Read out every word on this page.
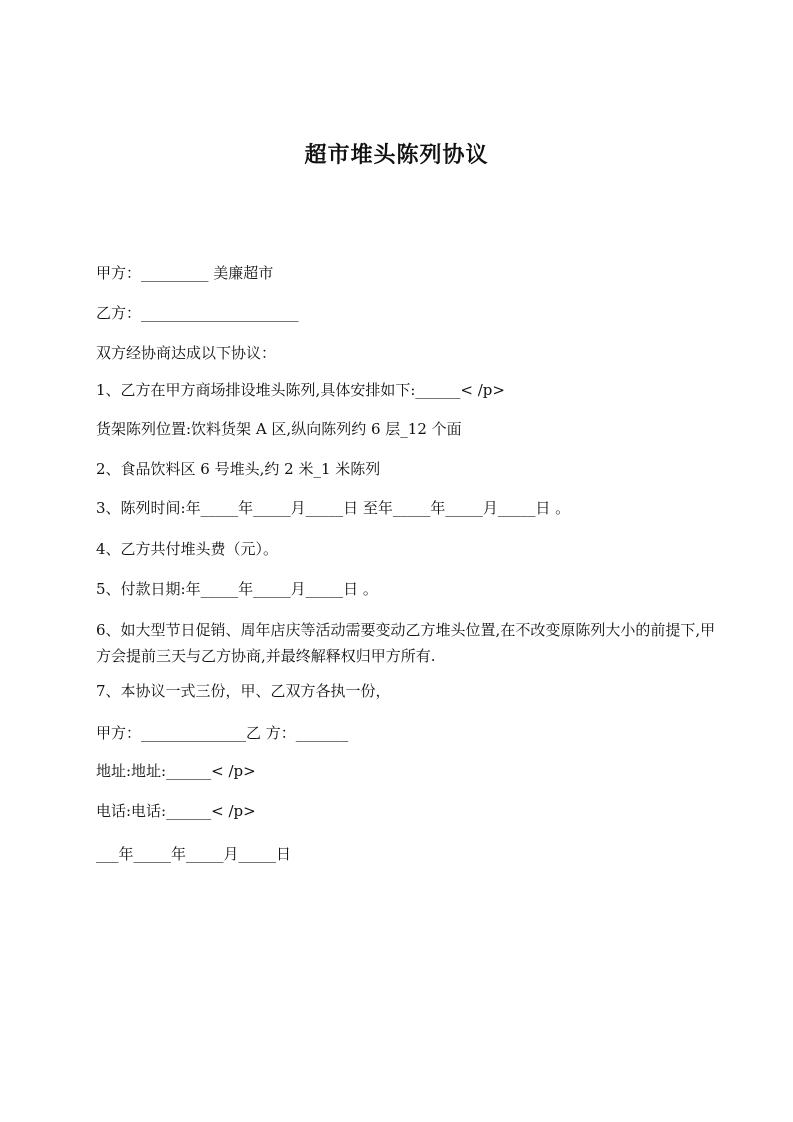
超市堆头陈列协议
甲方：_________ 美廉超市
乙方：_____________________
双方经协商达成以下协议：
1、乙方在甲方商场排设堆头陈列,具体安排如下:______< /p>
货架陈列位置:饮料货架 A 区,纵向陈列约 6 层_12 个面
2、食品饮料区 6 号堆头,约 2 米_1 米陈列
3、陈列时间:年_____年_____月_____日 至年_____年_____月_____日 。
4、乙方共付堆头费（元）。
5、付款日期:年_____年_____月_____日 。
6、如大型节日促销、周年店庆等活动需要变动乙方堆头位置,在不改变原陈列大小的前提下,甲方会提前三天与乙方协商,并最终解释权归甲方所有.
7、本协议一式三份，甲、乙双方各执一份，
甲方：______________乙 方：_______
地址:地址:______< /p>
电话:电话:______< /p>
___年_____年_____月_____日
